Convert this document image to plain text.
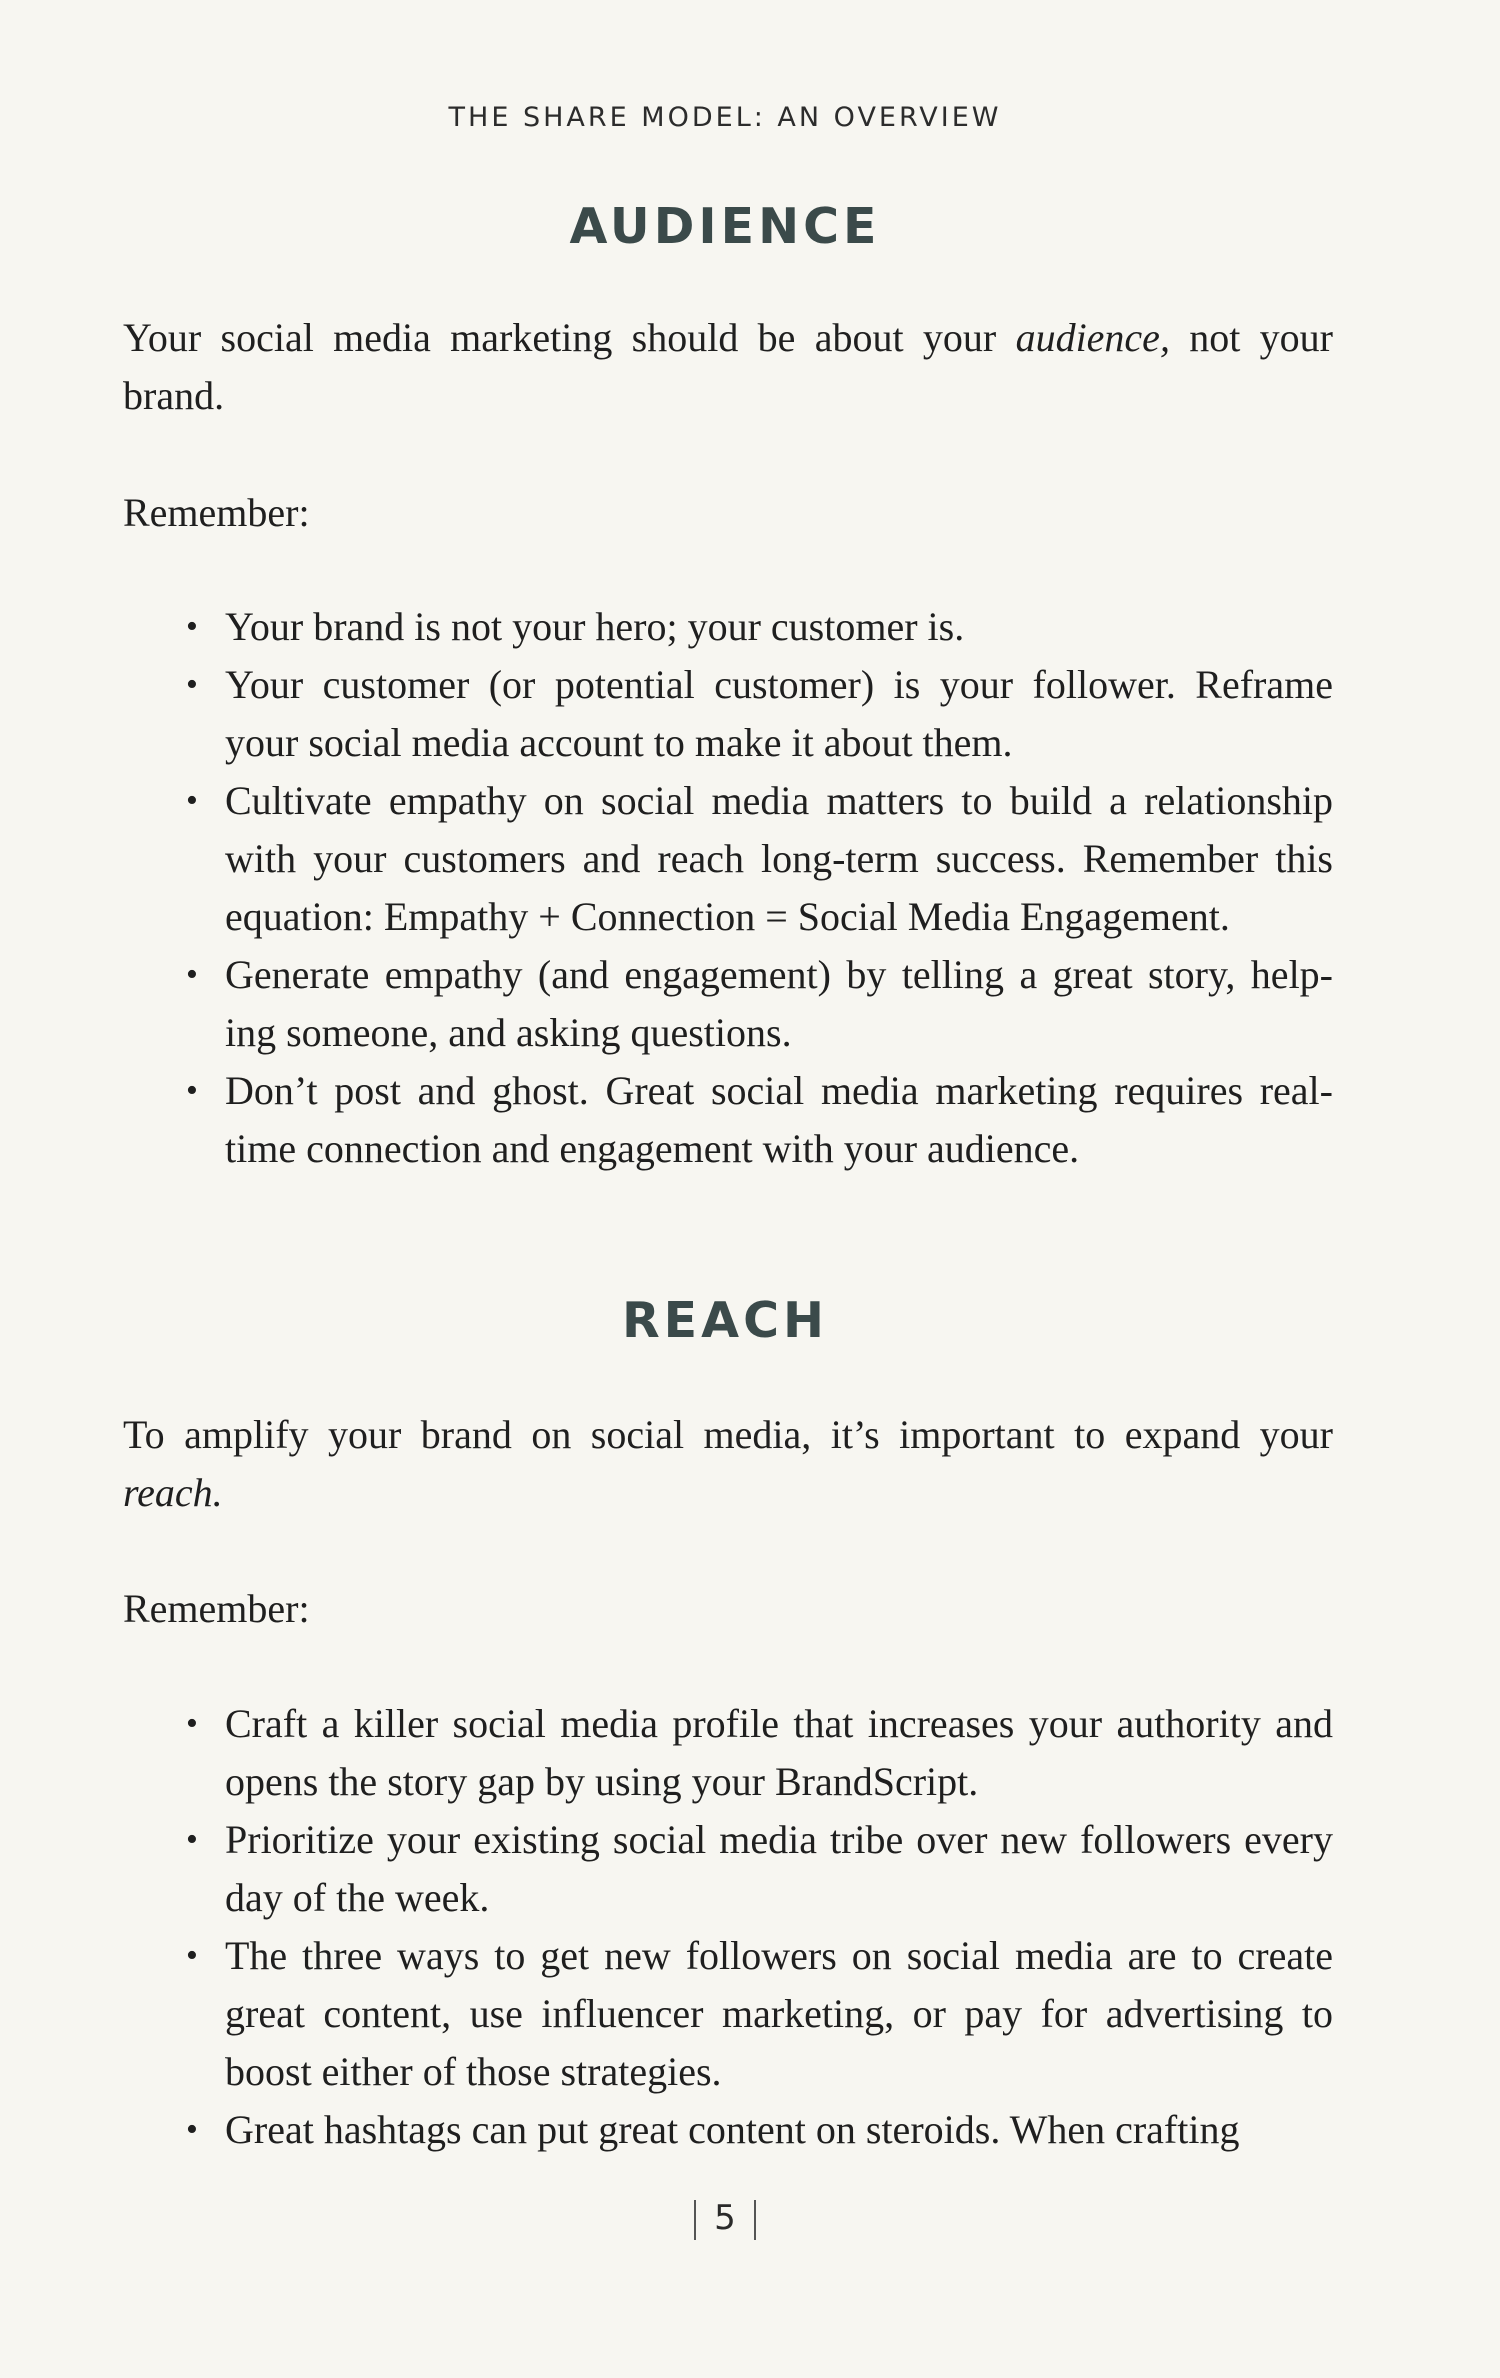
THE SHARE MODEL: AN OVERVIEW
AUDIENCE

Your social media marketing should be about your audience, not your brand.

Remember:

• Your brand is not your hero; your customer is.
• Your customer (or potential customer) is your follower. Reframe your social media account to make it about them.
• Cultivate empathy on social media matters to build a relationship with your customers and reach long-term success. Remember this equation: Empathy + Connection = Social Media Engagement.
• Generate empathy (and engagement) by telling a great story, help-ing someone, and asking questions.
• Don’t post and ghost. Great social media marketing requires real-time connection and engagement with your audience.
REACH

To amplify your brand on social media, it’s important to expand your reach.

Remember:

• Craft a killer social media profile that increases your authority and opens the story gap by using your BrandScript.
• Prioritize your existing social media tribe over new followers every day of the week.
• The three ways to get new followers on social media are to create great content, use influencer marketing, or pay for advertising to boost either of those strategies.
• Great hashtags can put great content on steroids. When crafting
5
